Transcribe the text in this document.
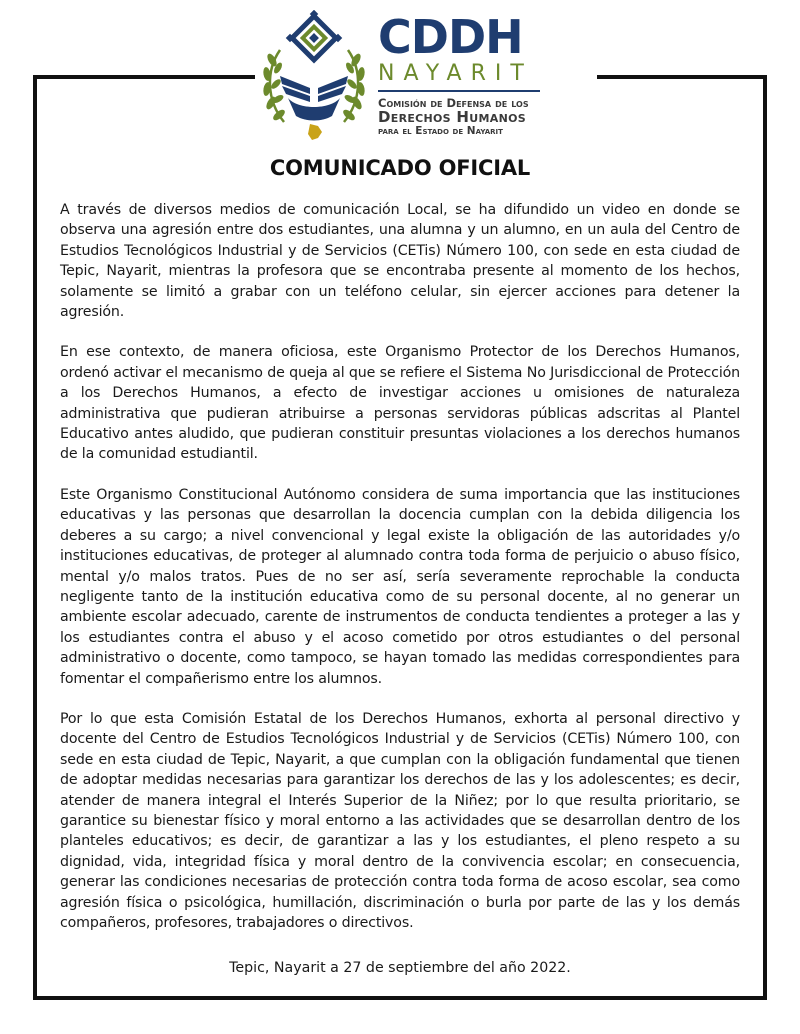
CDDH
NAYARIT
Comisión de Defensa de los
Derechos Humanos
para el Estado de Nayarit
COMUNICADO OFICIAL

A través de diversos medios de comunicación Local, se ha difundido un video en donde se observa una agresión entre dos estudiantes, una alumna y un alumno, en un aula del Centro de Estudios Tecnológicos Industrial y de Servicios (CETis) Número 100, con sede en esta ciudad de Tepic, Nayarit, mientras la profesora que se encontraba presente al momento de los hechos, solamente se limitó a grabar con un teléfono celular, sin ejercer acciones para detener la agresión.

En ese contexto, de manera oficiosa, este Organismo Protector de los Derechos Humanos, ordenó activar el mecanismo de queja al que se refiere el Sistema No Jurisdiccional de Protección a los Derechos Humanos, a efecto de investigar acciones u omisiones de naturaleza administrativa que pudieran atribuirse a personas servidoras públicas adscritas al Plantel Educativo antes aludido, que pudieran constituir presuntas violaciones a los derechos humanos de la comunidad estudiantil.

Este Organismo Constitucional Autónomo considera de suma importancia que las instituciones educativas y las personas que desarrollan la docencia cumplan con la debida diligencia los deberes a su cargo; a nivel convencional y legal existe la obligación de las autoridades y/o instituciones educativas, de proteger al alumnado contra toda forma de perjuicio o abuso físico, mental y/o malos tratos. Pues de no ser así, sería severamente reprochable la conducta negligente tanto de la institución educativa como de su personal docente, al no generar un ambiente escolar adecuado, carente de instrumentos de conducta tendientes a proteger a las y los estudiantes contra el abuso y el acoso cometido por otros estudiantes o del personal administrativo o docente, como tampoco, se hayan tomado las medidas correspondientes para fomentar el compañerismo entre los alumnos.

Por lo que esta Comisión Estatal de los Derechos Humanos, exhorta al personal directivo y docente del Centro de Estudios Tecnológicos Industrial y de Servicios (CETis) Número 100, con sede en esta ciudad de Tepic, Nayarit, a que cumplan con la obligación fundamental que tienen de adoptar medidas necesarias para garantizar los derechos de las y los adolescentes; es decir, atender de manera integral el Interés Superior de la Niñez; por lo que resulta prioritario, se garantice su bienestar físico y moral entorno a las actividades que se desarrollan dentro de los planteles educativos; es decir, de garantizar a las y los estudiantes, el pleno respeto a su dignidad, vida, integridad física y moral dentro de la convivencia escolar; en consecuencia, generar las condiciones necesarias de protección contra toda forma de acoso escolar, sea como agresión física o psicológica, humillación, discriminación o burla por parte de las y los demás compañeros, profesores, trabajadores o directivos.

Tepic, Nayarit a 27 de septiembre del año 2022.
